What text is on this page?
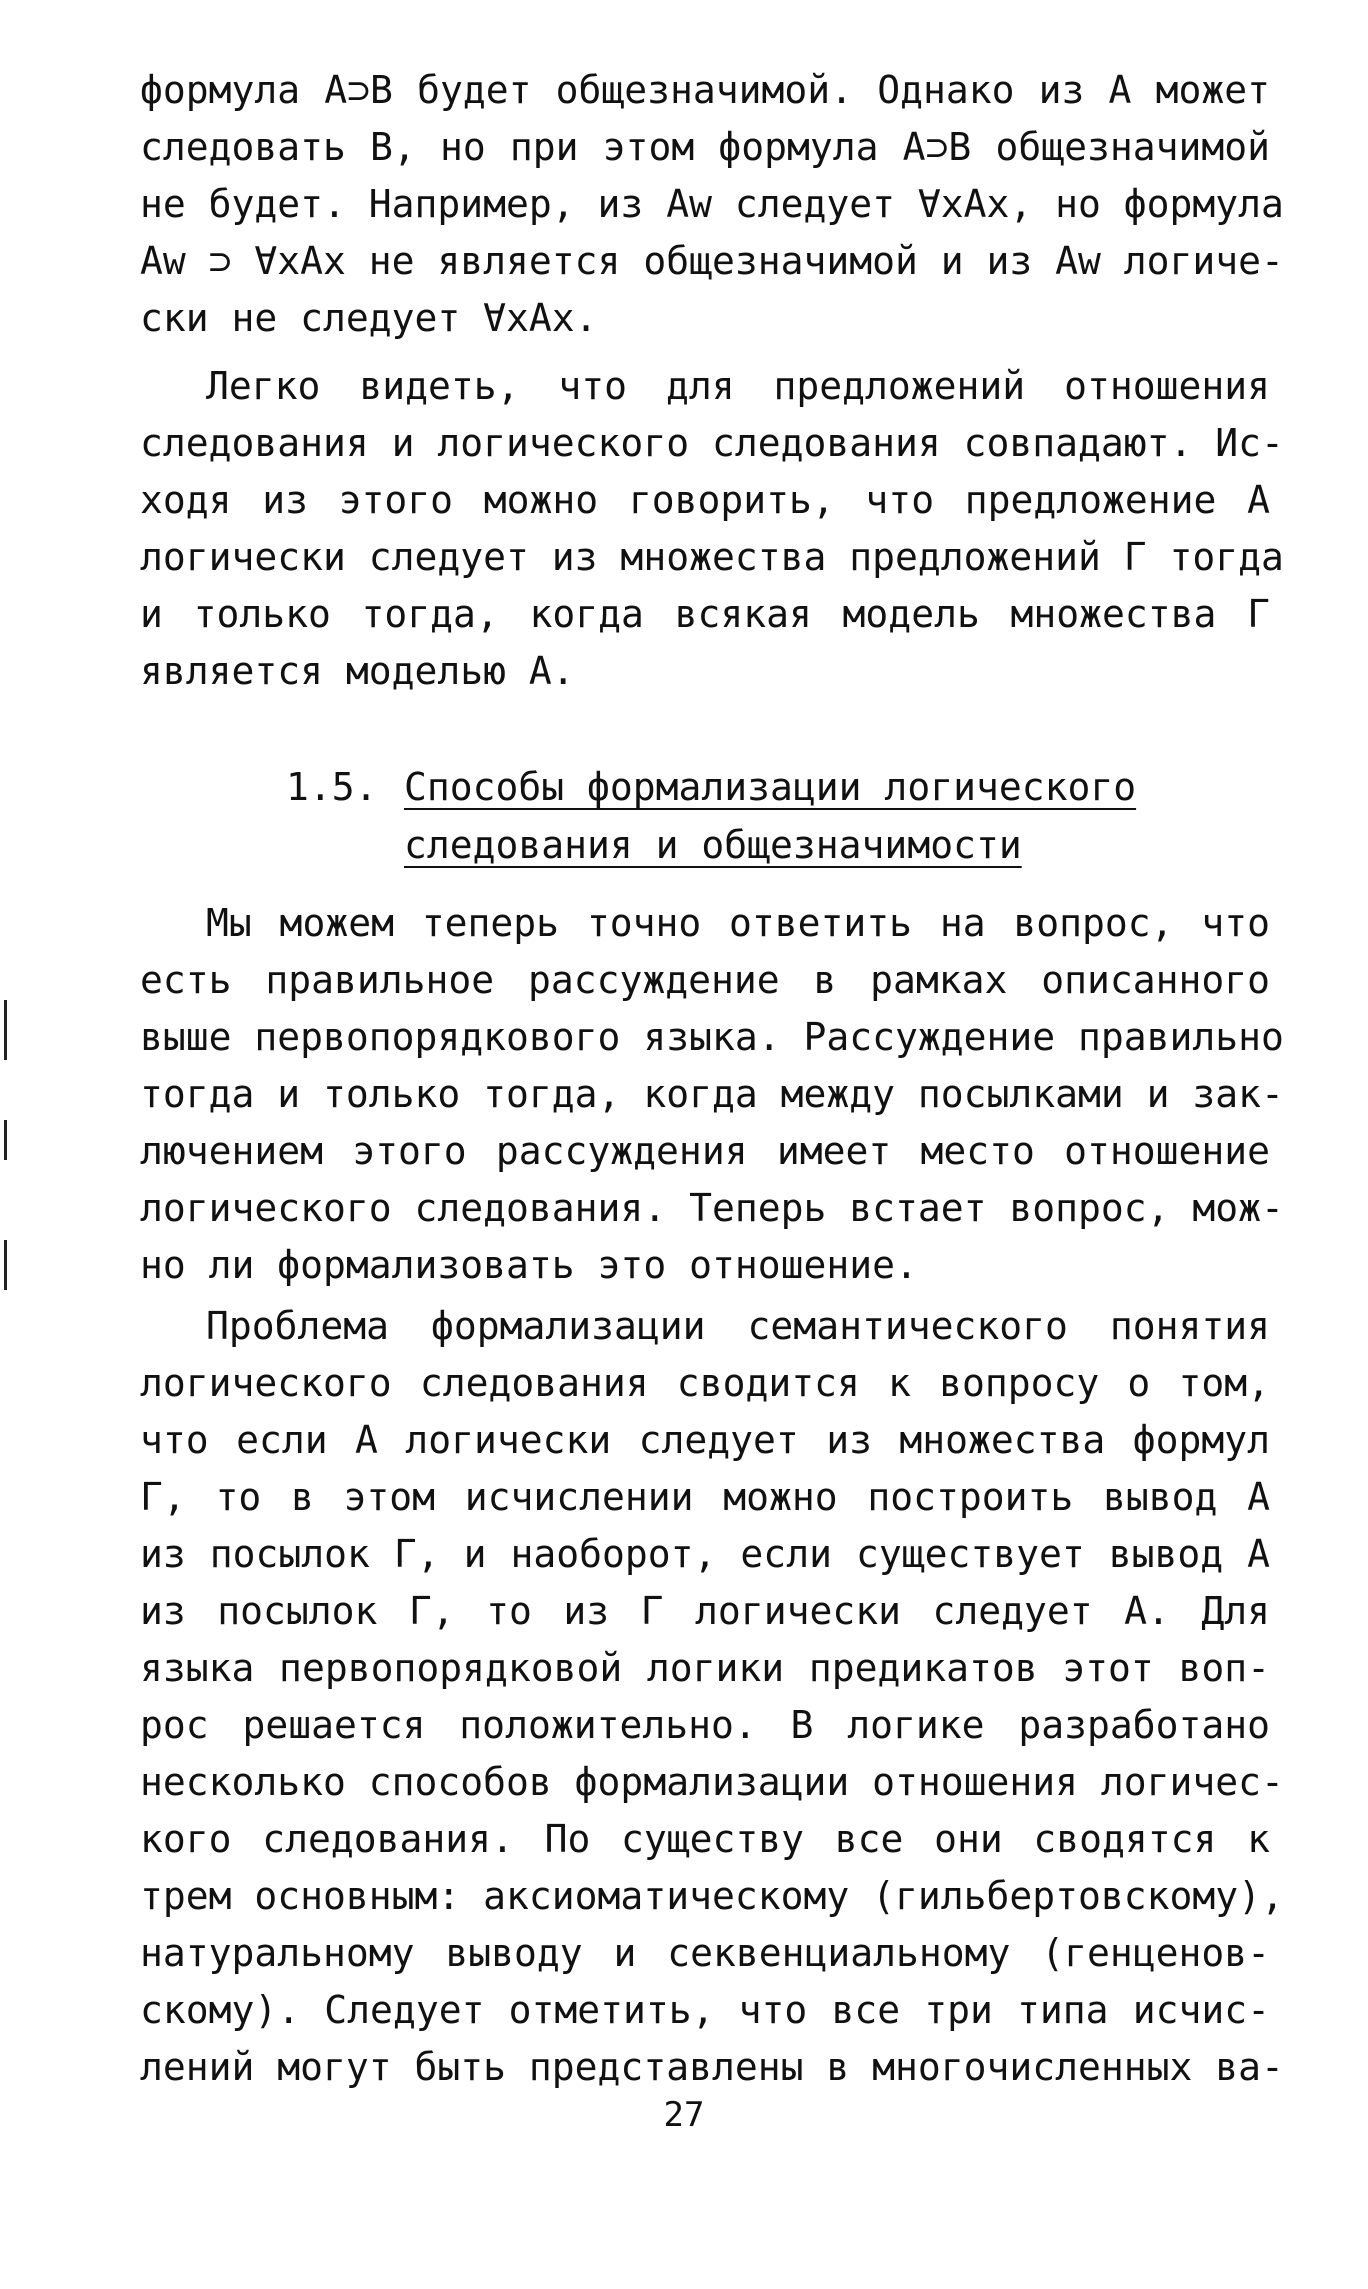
формула A⊃B будет общезначимой. Однако из A может
следовать B, но при этом формула A⊃B общезначимой
не будет. Например, из Aw следует ∀xAx, но формула
Aw ⊃ ∀xAx не является общезначимой и из Aw логиче-
ски не следует ∀xAx.
Легко видеть, что для предложений отношения
следования и логического следования совпадают. Ис-
ходя из этого можно говорить, что предложение A
логически следует из множества предложений Г тогда
и только тогда, когда всякая модель множества Г
является моделью A.
1.5. Способы формализации логического
следования и общезначимости
Мы можем теперь точно ответить на вопрос, что
есть правильное рассуждение в рамках описанного
выше первопорядкового языка. Рассуждение правильно
тогда и только тогда, когда между посылками и зак-
лючением этого рассуждения имеет место отношение
логического следования. Теперь встает вопрос, мож-
но ли формализовать это отношение.
Проблема формализации семантического понятия
логического следования сводится к вопросу о том,
что если A логически следует из множества формул
Г, то в этом исчислении можно построить вывод A
из посылок Г, и наоборот, если существует вывод A
из посылок Г, то из Г логически следует A. Для
языка первопорядковой логики предикатов этот воп-
рос решается положительно. В логике разработано
несколько способов формализации отношения логичес-
кого следования. По существу все они сводятся к
трем основным: аксиоматическому (гильбертовскому),
натуральному выводу и секвенциальному (генценов-
скому). Следует отметить, что все три типа исчис-
лений могут быть представлены в многочисленных ва-
27
